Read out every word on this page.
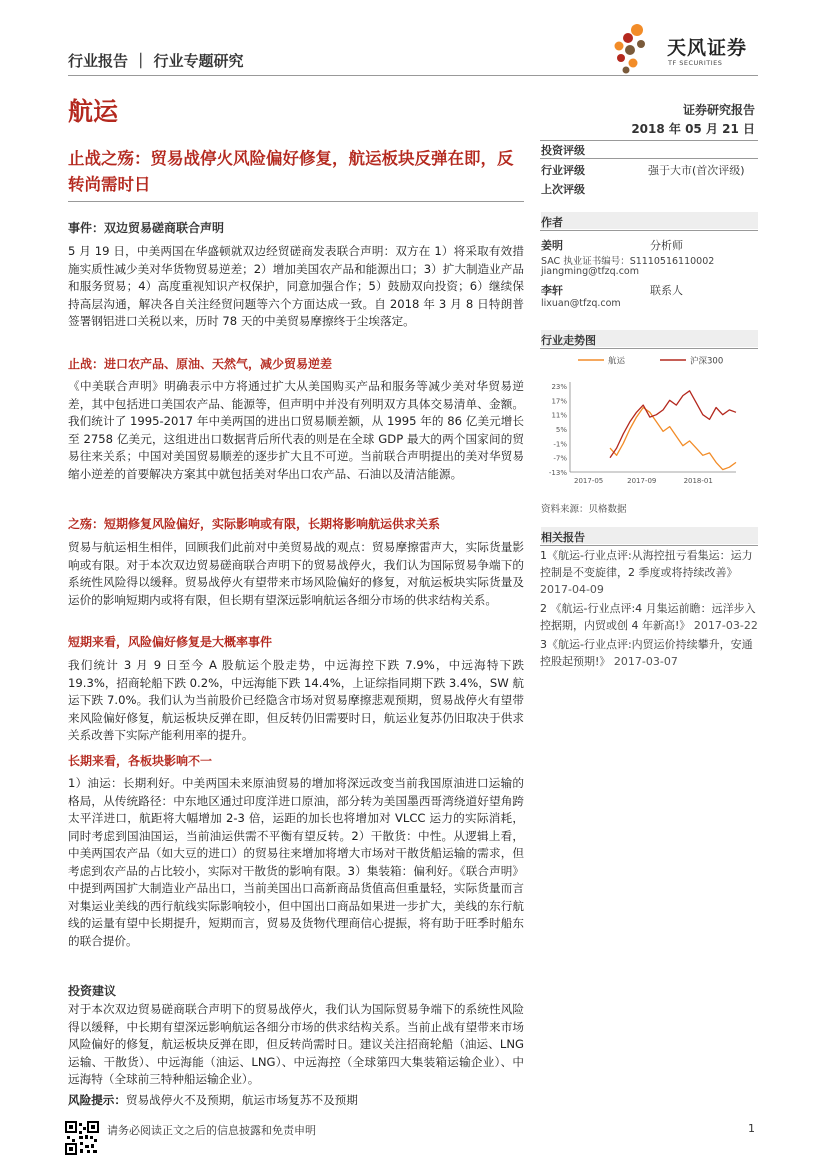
行业报告 ｜ 行业专题研究
天风证券
TF SECURITIES
航运	证券研究报告
2018 年 05 月 21 日
止战之殇：贸易战停火风险偏好修复，航运板块反弹在即，反转尚需时日
投资评级
行业评级	强于大市(首次评级)
上次评级
作者
姜明	分析师
SAC 执业证书编号：S1110516110002
jiangming@tfzq.com
李轩	联系人
lixuan@tfzq.com
行业走势图
航运	沪深300
23%
17%
11%
5%
-1%
-7%
-13%
2017-05	2017-09	2018-01
资料来源：贝格数据
相关报告
1《航运-行业点评:从海控扭亏看集运：运力控制是不变旋律，2 季度或将持续改善》 2017-04-09
2 《航运-行业点评:4 月集运前瞻：远洋步入控据期，内贸或创 4 年新高!》 2017-03-22
3《航运-行业点评:内贸运价持续攀升，安通控股起预期!》 2017-03-07
事件：双边贸易磋商联合声明
5 月 19 日，中美两国在华盛顿就双边经贸磋商发表联合声明：双方在 1）将采取有效措施实质性减少美对华货物贸易逆差；2）增加美国农产品和能源出口；3）扩大制造业产品和服务贸易；4）高度重视知识产权保护，同意加强合作；5）鼓励双向投资；6）继续保持高层沟通，解决各自关注经贸问题等六个方面达成一致。自 2018 年 3 月 8 日特朗普签署钢铝进口关税以来，历时 78 天的中美贸易摩擦终于尘埃落定。
止战：进口农产品、原油、天然气，减少贸易逆差
《中美联合声明》明确表示中方将通过扩大从美国购买产品和服务等减少美对华贸易逆差，其中包括进口美国农产品、能源等，但声明中并没有列明双方具体交易清单、金额。我们统计了 1995-2017 年中美两国的进出口贸易顺差额，从 1995 年的 86 亿美元增长至 2758 亿美元，这组进出口数据背后所代表的则是在全球 GDP 最大的两个国家间的贸易往来关系；中国对美国贸易顺差的逐步扩大且不可逆。当前联合声明提出的美对华贸易缩小逆差的首要解决方案其中就包括美对华出口农产品、石油以及清洁能源。
之殇：短期修复风险偏好，实际影响或有限，长期将影响航运供求关系
贸易与航运相生相伴，回顾我们此前对中美贸易战的观点：贸易摩擦雷声大，实际货量影响或有限。对于本次双边贸易磋商联合声明下的贸易战停火，我们认为国际贸易争端下的系统性风险得以缓释。贸易战停火有望带来市场风险偏好的修复，对航运板块实际货量及运价的影响短期内或将有限，但长期有望深远影响航运各细分市场的供求结构关系。
短期来看，风险偏好修复是大概率事件
我们统计 3 月 9 日至今 A 股航运个股走势，中远海控下跌 7.9%，中远海特下跌 19.3%，招商轮船下跌 0.2%，中远海能下跌 14.4%，上证综指同期下跌 3.4%，SW 航运下跌 7.0%。我们认为当前股价已经隐含市场对贸易摩擦悲观预期，贸易战停火有望带来风险偏好修复，航运板块反弹在即，但反转仍旧需要时日，航运业复苏仍旧取决于供求关系改善下实际产能利用率的提升。
长期来看，各板块影响不一
1）油运：长期利好。中美两国未来原油贸易的增加将深远改变当前我国原油进口运输的格局，从传统路径：中东地区通过印度洋进口原油，部分转为美国墨西哥湾绕道好望角跨太平洋进口，航距将大幅增加 2-3 倍，运距的加长也将增加对 VLCC 运力的实际消耗，同时考虑到国油国运，当前油运供需不平衡有望反转。2）干散货：中性。从逻辑上看，中美两国农产品（如大豆的进口）的贸易往来增加将增大市场对干散货船运输的需求，但考虑到农产品的占比较小，实际对干散货的影响有限。3）集装箱：偏利好。《联合声明》中提到两国扩大制造业产品出口，当前美国出口高新商品货值高但重量轻，实际货量而言对集运业美线的西行航线实际影响较小，但中国出口商品如果进一步扩大，美线的东行航线的运量有望中长期提升，短期而言，贸易及货物代理商信心提振，将有助于旺季时船东的联合提价。
投资建议
对于本次双边贸易磋商联合声明下的贸易战停火，我们认为国际贸易争端下的系统性风险得以缓释，中长期有望深远影响航运各细分市场的供求结构关系。当前止战有望带来市场风险偏好的修复，航运板块反弹在即，但反转尚需时日。建议关注招商轮船（油运、LNG 运输、干散货）、中远海能（油运、LNG）、中远海控（全球第四大集装箱运输企业）、中远海特（全球前三特种船运输企业）。
风险提示：贸易战停火不及预期，航运市场复苏不及预期
请务必阅读正文之后的信息披露和免责申明	1
